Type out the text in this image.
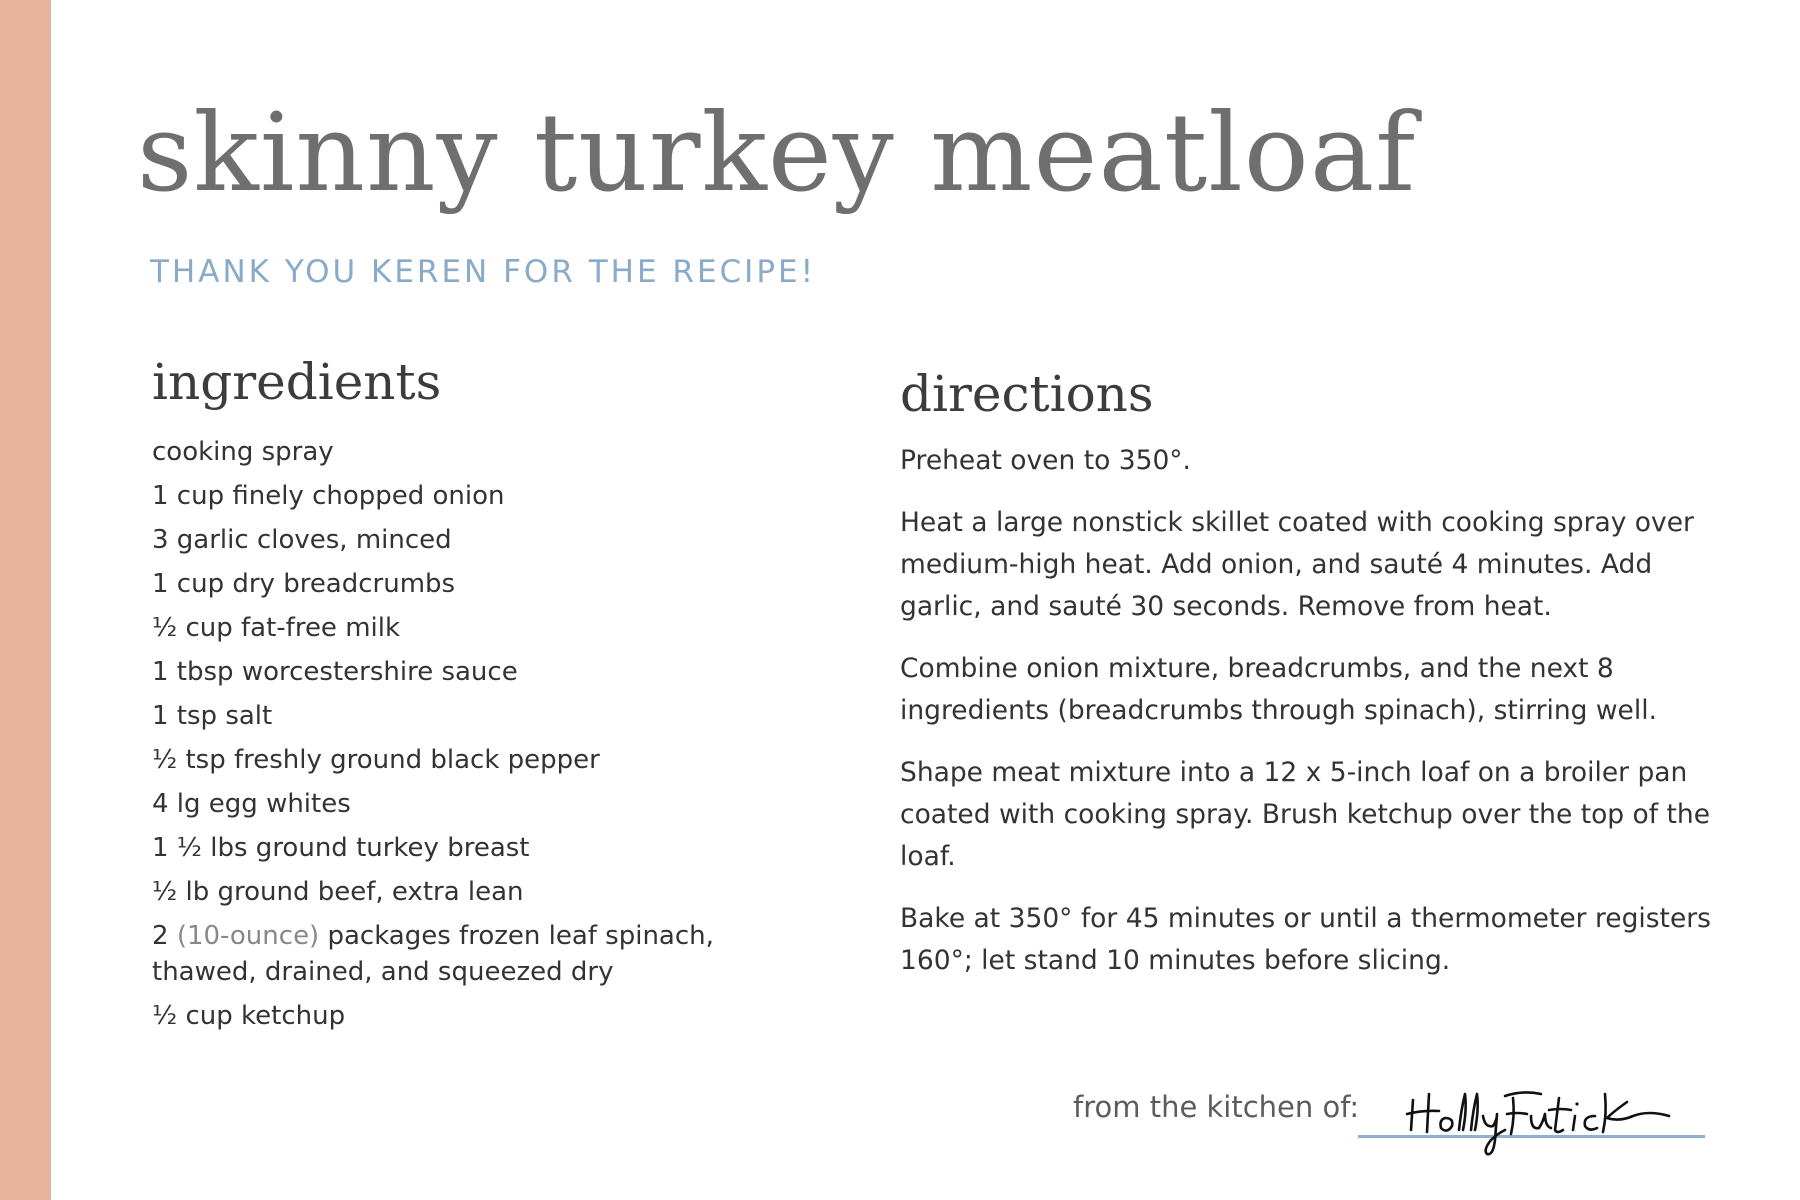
skinny turkey meatloaf
THANK YOU KEREN FOR THE RECIPE!
ingredients
cooking spray
1 cup finely chopped onion
3 garlic cloves, minced
1 cup dry breadcrumbs
½ cup fat-free milk
1 tbsp worcestershire sauce
1 tsp salt
½ tsp freshly ground black pepper
4 lg egg whites
1 ½ lbs ground turkey breast
½ lb ground beef, extra lean
2 (10-ounce) packages frozen leaf spinach, thawed, drained, and squeezed dry
½ cup ketchup
directions

Preheat oven to 350°.

Heat a large nonstick skillet coated with cooking spray over medium-high heat. Add onion, and sauté 4 minutes. Add garlic, and sauté 30 seconds. Remove from heat.

Combine onion mixture, breadcrumbs, and the next 8 ingredients (breadcrumbs through spinach), stirring well.

Shape meat mixture into a 12 x 5-inch loaf on a broiler pan coated with cooking spray. Brush ketchup over the top of the loaf.

Bake at 350° for 45 minutes or until a thermometer registers 160°; let stand 10 minutes before slicing.

from the kitchen of:
